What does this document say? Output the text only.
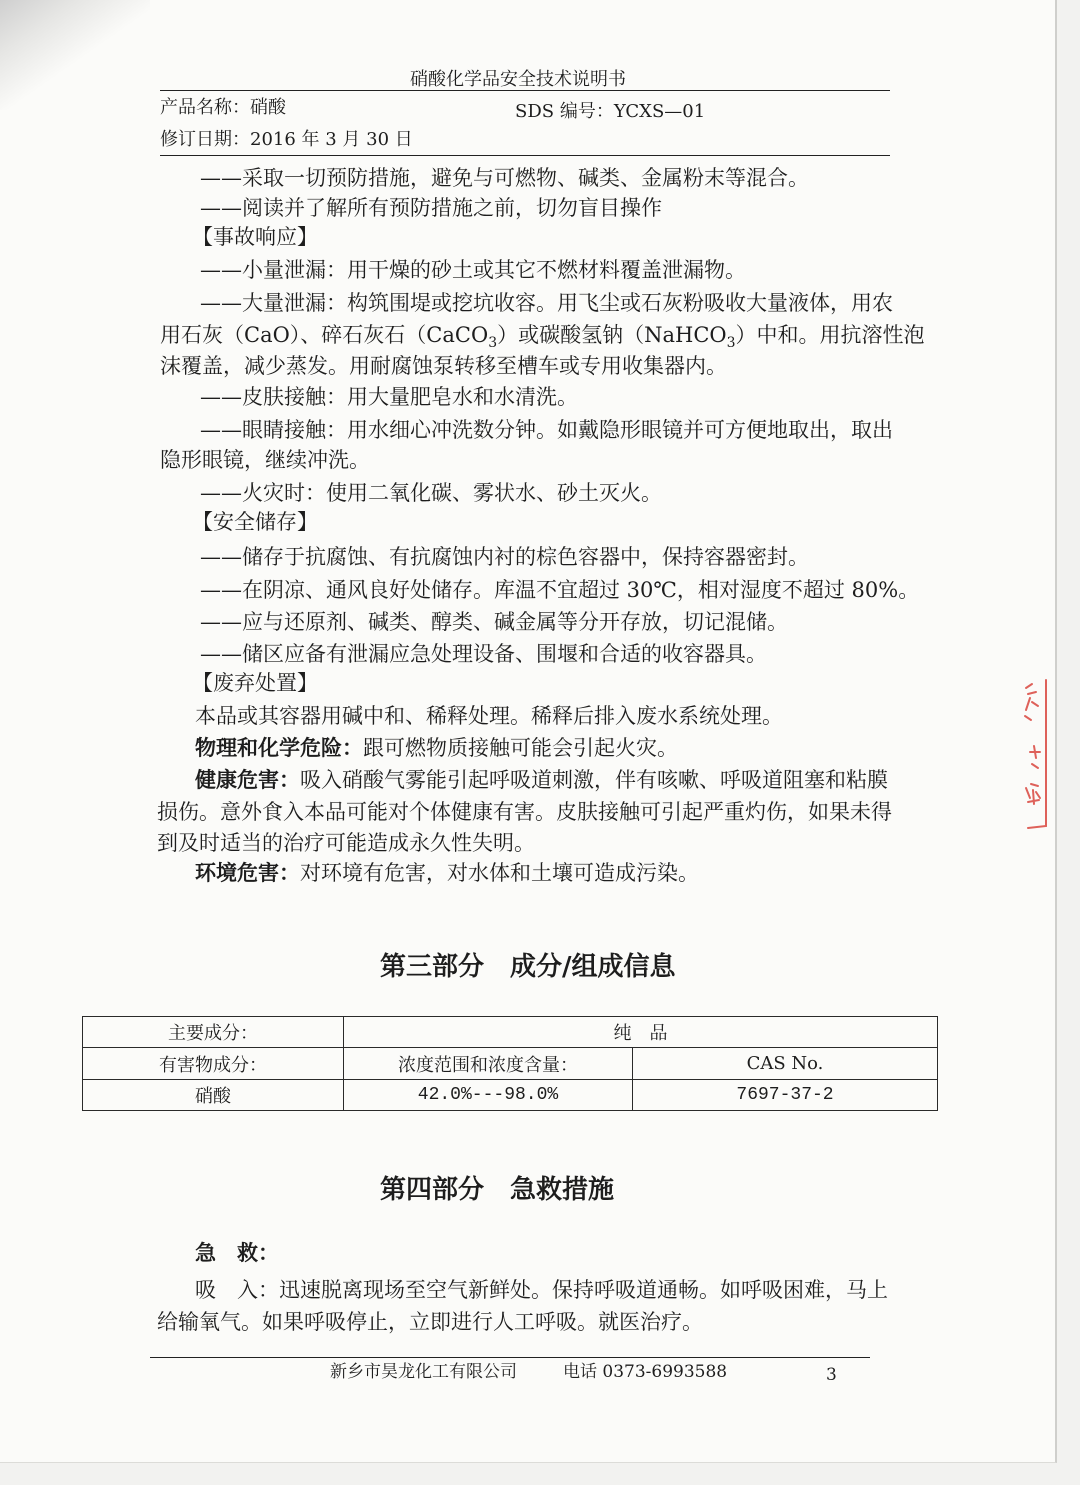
硝酸化学品安全技术说明书
产品名称：硝酸	SDS 编号：YCXS—01
修订日期：2016 年 3 月 30 日
——采取一切预防措施，避免与可燃物、碱类、金属粉末等混合。
——阅读并了解所有预防措施之前，切勿盲目操作
【事故响应】
——小量泄漏：用干燥的砂土或其它不燃材料覆盖泄漏物。
——大量泄漏：构筑围堤或挖坑收容。用飞尘或石灰粉吸收大量液体，用农
用石灰（CaO）、碎石灰石（CaCO$_3$）或碳酸氢钠（NaHCO$_3$）中和。用抗溶性泡
沫覆盖，减少蒸发。用耐腐蚀泵转移至槽车或专用收集器内。
——皮肤接触：用大量肥皂水和水清洗。
——眼睛接触：用水细心冲洗数分钟。如戴隐形眼镜并可方便地取出，取出
隐形眼镜，继续冲洗。
——火灾时：使用二氧化碳、雾状水、砂土灭火。
【安全储存】
——储存于抗腐蚀、有抗腐蚀内衬的棕色容器中，保持容器密封。
——在阴凉、通风良好处储存。库温不宜超过 30℃，相对湿度不超过 80%。
——应与还原剂、碱类、醇类、碱金属等分开存放，切记混储。
——储区应备有泄漏应急处理设备、围堰和合适的收容器具。
【废弃处置】
本品或其容器用碱中和、稀释处理。稀释后排入废水系统处理。
物理和化学危险：跟可燃物质接触可能会引起火灾。
健康危害：吸入硝酸气雾能引起呼吸道刺激，伴有咳嗽、呼吸道阻塞和粘膜
损伤。意外食入本品可能对个体健康有害。皮肤接触可引起严重灼伤，如果未得
到及时适当的治疗可能造成永久性失明。
环境危害：对环境有危害，对水体和土壤可造成污染。
第三部分 成分/组成信息
主要成分：	纯　品	
有害物成分：	浓度范围和浓度含量：	CAS No.
硝酸	42.0%---98.0%	7697-37-2
第四部分 急救措施
急　救：
吸　入：迅速脱离现场至空气新鲜处。保持呼吸道通畅。如呼吸困难，马上
给输氧气。如果呼吸停止，立即进行人工呼吸。就医治疗。
新乡市昊龙化工有限公司	电话 0373-6993588	3
